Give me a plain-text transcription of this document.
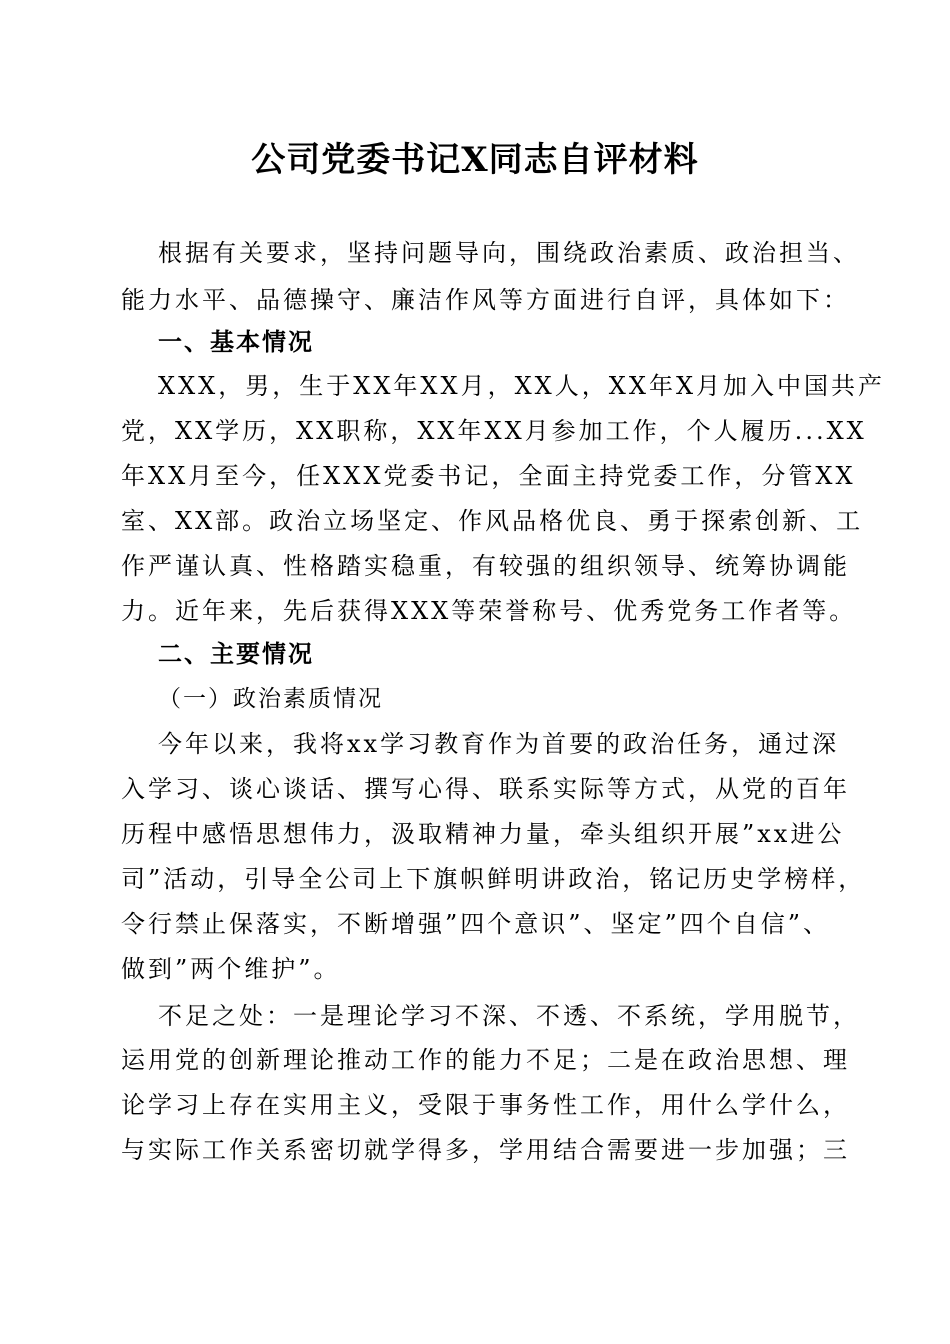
公司党委书记X同志自评材料
根据有关要求，坚持问题导向，围绕政治素质、政治担当、
能力水平、品德操守、廉洁作风等方面进行自评，具体如下：
一、基本情况
XXX，男，生于XX年XX月，XX人，XX年X月加入中国共产
党，XX学历，XX职称，XX年XX月参加工作，个人履历...XX
年XX月至今，任XXX党委书记，全面主持党委工作，分管XX
室、XX部。政治立场坚定、作风品格优良、勇于探索创新、工
作严谨认真、性格踏实稳重，有较强的组织领导、统筹协调能
力。近年来，先后获得XXX等荣誉称号、优秀党务工作者等。
二、主要情况
（一）政治素质情况
今年以来，我将xx学习教育作为首要的政治任务，通过深
入学习、谈心谈话、撰写心得、联系实际等方式，从党的百年
历程中感悟思想伟力，汲取精神力量，牵头组织开展”xx进公
司”活动，引导全公司上下旗帜鲜明讲政治，铭记历史学榜样，
令行禁止保落实，不断增强”四个意识”、坚定”四个自信”、
做到”两个维护”。
不足之处：一是理论学习不深、不透、不系统，学用脱节，
运用党的创新理论推动工作的能力不足；二是在政治思想、理
论学习上存在实用主义，受限于事务性工作，用什么学什么，
与实际工作关系密切就学得多，学用结合需要进一步加强；三
